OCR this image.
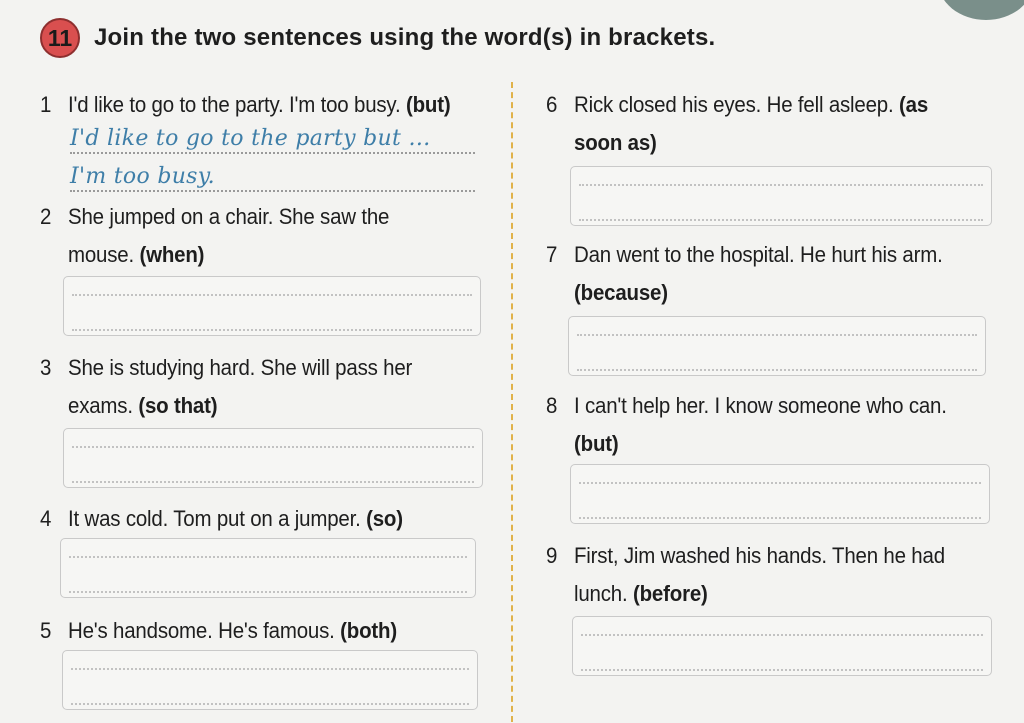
11 Join the two sentences using the word(s) in brackets.
1 I'd like to go to the party. I'm too busy. (but)
I'd like to go to the party but …
I'm too busy.
2 She jumped on a chair. She saw the
mouse. (when)
3 She is studying hard. She will pass her
exams. (so that)
4 It was cold. Tom put on a jumper. (so)
5 He's handsome. He's famous. (both)
6 Rick closed his eyes. He fell asleep. (as
soon as)
7 Dan went to the hospital. He hurt his arm.
(because)
8 I can't help her. I know someone who can.
(but)
9 First, Jim washed his hands. Then he had
lunch. (before)
